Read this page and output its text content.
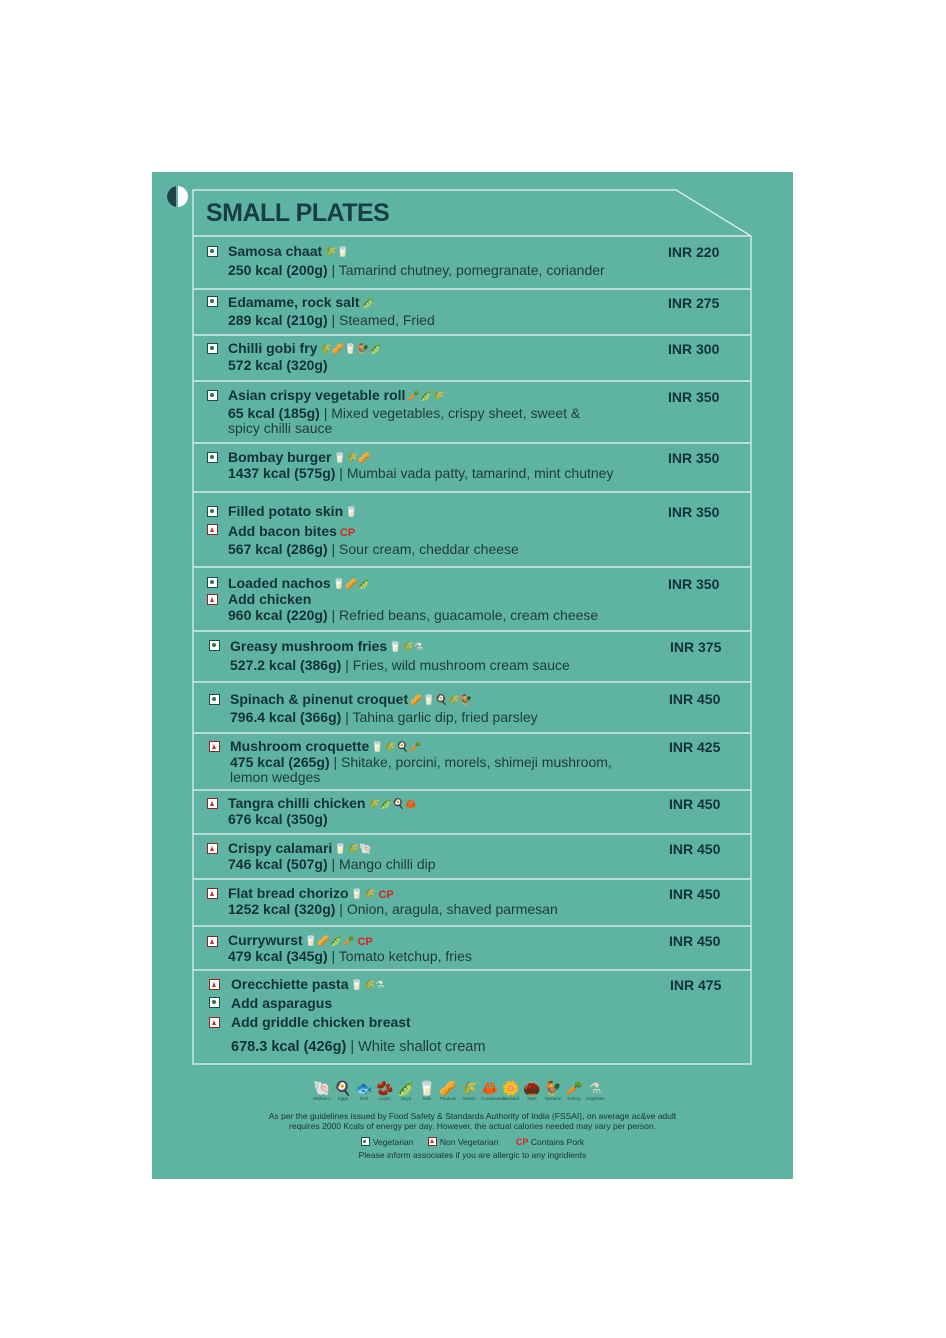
SMALL PLATES
Samosa chaat 🌾🥛
250 kcal (200g) | Tamarind chutney, pomegranate, coriander
INR 220
Edamame, rock salt 🫛
289 kcal (210g) | Steamed, Fried
INR 275
Chilli gobi fry 🌾🥜🥛🐓🫛
572 kcal (320g)
INR 300
Asian crispy vegetable roll 🥕🫛🌾
65 kcal (185g) | Mixed vegetables, crispy sheet, sweet & spicy chilli sauce
INR 350
Bombay burger 🥛🌾🥜
1437 kcal (575g) | Mumbai vada patty, tamarind, mint chutney
INR 350
Filled potato skin 🥛
Add bacon bites CP
567 kcal (286g) | Sour cream, cheddar cheese
INR 350
Loaded nachos 🥛🥜🫛
Add chicken
960 kcal (220g) | Refried beans, guacamole, cream cheese
INR 350
Greasy mushroom fries 🥛🌾⚗
527.2 kcal (386g) | Fries, wild mushroom cream sauce
INR 375
Spinach & pinenut croquet 🥜🥛🍳🌾🐓
796.4 kcal (366g) | Tahina garlic dip, fried parsley
INR 450
Mushroom croquette 🥛🌾🍳🥕
475 kcal (265g) | Shitake, porcini, morels, shimeji mushroom, lemon wedges
INR 425
Tangra chilli chicken 🌾🫛🍳🦀
676 kcal (350g)
INR 450
Crispy calamari 🥛🌾🐚
746 kcal (507g) | Mango chilli dip
INR 450
Flat bread chorizo 🥛🌾 CP
1252 kcal (320g) | Onion, aragula, shaved parmesan
INR 450
Currywurst 🥛🥜🫛🥕 CP
479 kcal (345g) | Tomato ketchup, fries
INR 450
Orecchiette pasta 🥛🌾⚗
Add asparagus
Add griddle chicken breast
678.3 kcal (426g) | White shallot cream
INR 475
🐚
Molluscs
🍳
Eggs
🐟
Fish
🫘
Lupin
🫛
Soya
🥛
Milk
🥜
Peanuts
🌾
Gluten
🦀
Crustaceans
🌼
Mustard
🌰
Nuts
🐓
Sesame
🥕
Celery
⚗
Sulphites
As per the guidelines issued by Food Safety & Standards Authority of India (FSSAI), on average ac&ve adult
requires 2000 Kcals of energy per day. However, the actual calories needed may vary per person.
Vegetarian	Non Vegetarian CP Contains Pork
Please inform associates if you are allergic to any ingridients
